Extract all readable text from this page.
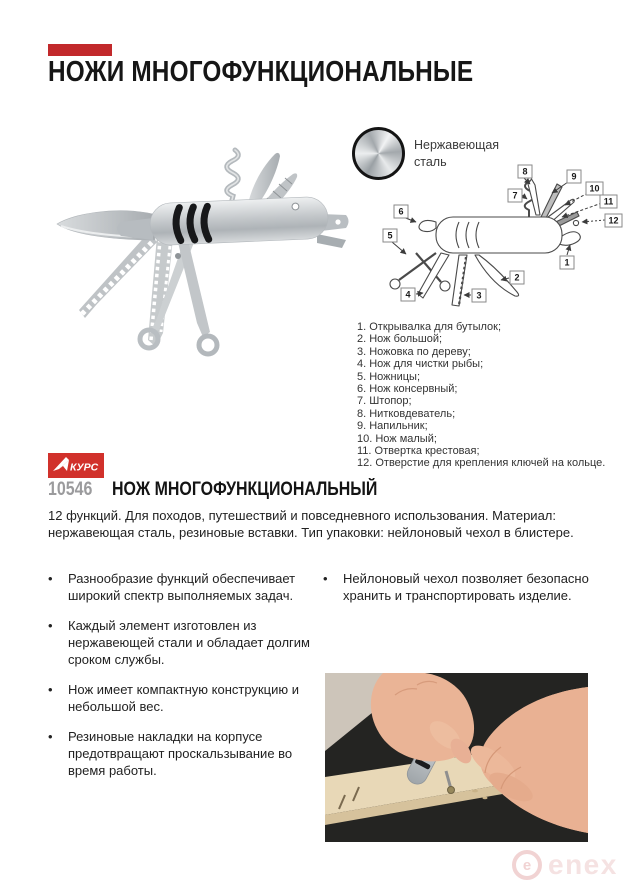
НОЖИ МНОГОФУНКЦИОНАЛЬНЫЕ
Нержавеющая сталь
1
2
3
4
5
6
7
8	9
10
11
12
1. Открывалка для бутылок;
2. Нож большой;
3. Ножовка по дереву;
4. Нож для чистки рыбы;
5. Ножницы;
6. Нож консервный;
7. Штопор;
8. Нитковдеватель;
9. Напильник;
10. Нож малый;
11. Отвертка крестовая;
12. Отверстие для крепления ключей на кольце.
КУРС
10546	НОЖ МНОГОФУНКЦИОНАЛЬНЫЙ
12 функций. Для походов, путешествий и повседневного использования. Материал: нержавеющая сталь, резиновые вставки. Тип упаковки: нейлоновый чехол в блистере.
•	Разнообразие функций обеспечивает широкий спектр выполняемых задач.
•	Каждый элемент изготовлен из нержавеющей стали и обладает долгим сроком службы.
•	Нож имеет компактную конструкцию и небольшой вес.
•	Резиновые накладки на корпусе предотвращают проскальзывание во время работы.
•	Нейлоновый чехол позволяет безопасно хранить и транспортировать изделие.
e enex
